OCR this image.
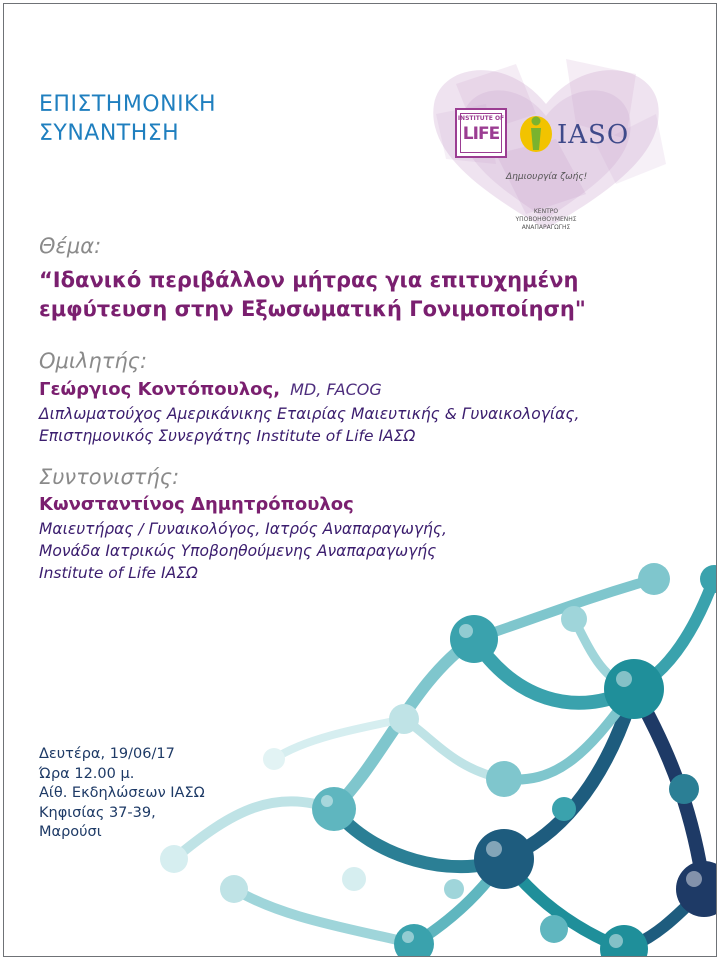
ΕΠΙΣΤΗΜΟΝΙΚΗ
ΣΥΝΑΝΤΗΣΗ
INSTITUTE OF
LIFE IASO
Δημιουργία ζωής!
ΚΕΝΤΡΟ
ΥΠΟΒΟΗΘΟΥΜΕΝΗΣ
ΑΝΑΠΑΡΑΓΩΓΗΣ
Θέμα:
“Ιδανικό περιβάλλον μήτρας για επιτυχημένη
εμφύτευση στην Εξωσωματική Γονιμοποίηση"
Ομιλητής:
Γεώργιος Κοντόπουλος, MD, FACOG
Διπλωματούχος Αμερικάνικης Εταιρίας Μαιευτικής & Γυναικολογίας,
Επιστημονικός Συνεργάτης Institute of Life ΙΑΣΩ
Συντονιστής:
Κωνσταντίνος Δημητρόπουλος
Μαιευτήρας / Γυναικολόγος, Ιατρός Αναπαραγωγής,
Μονάδα Ιατρικώς Υποβοηθούμενης Αναπαραγωγής
Institute of Life ΙΑΣΩ
Δευτέρα, 19/06/17
Ώρα 12.00 μ.
Αίθ. Εκδηλώσεων ΙΑΣΩ
Κηφισίας 37-39,
Μαρούσι
